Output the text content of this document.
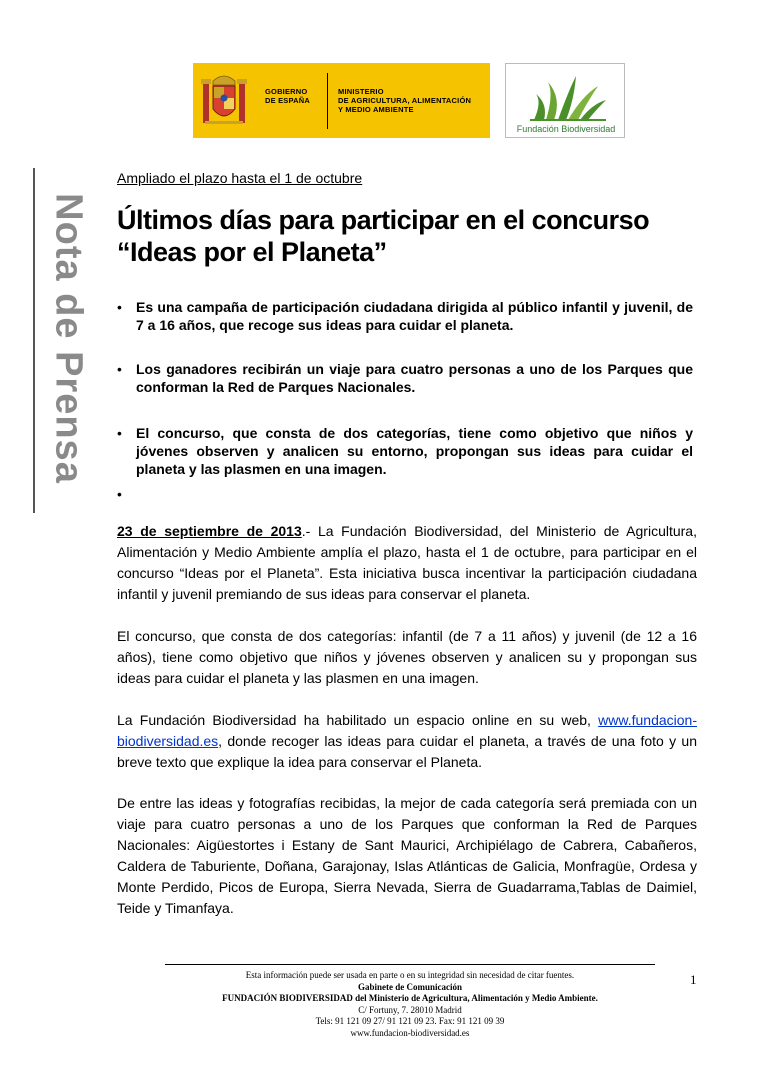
GOBIERNO
DE ESPAÑA
MINISTERIO
DE AGRICULTURA, ALIMENTACIÓN
Y MEDIO AMBIENTE
Fundación Biodiversidad
Nota de Prensa
Ampliado el plazo hasta el 1 de octubre
Últimos días para participar en el concurso
“Ideas por el Planeta”
• Es una campaña de participación ciudadana dirigida al público infantil y juvenil, de 7 a 16 años, que recoge sus ideas para cuidar el planeta.
• Los ganadores recibirán un viaje para cuatro personas a uno de los Parques que conforman la Red de Parques Nacionales.
• El concurso, que consta de dos categorías, tiene como objetivo que niños y jóvenes observen y analicen su entorno, propongan sus ideas para cuidar el planeta y las plasmen en una imagen.
•
23 de septiembre de 2013.- La Fundación Biodiversidad, del Ministerio de Agricultura, Alimentación y Medio Ambiente amplía el plazo, hasta el 1 de octubre, para participar en el concurso “Ideas por el Planeta”. Esta iniciativa busca incentivar la participación ciudadana infantil y juvenil premiando de sus ideas para conservar el planeta.
El concurso, que consta de dos categorías: infantil (de 7 a 11 años) y juvenil (de 12 a 16 años), tiene como objetivo que niños y jóvenes observen y analicen su y propongan sus ideas para cuidar el planeta y las plasmen en una imagen.
La Fundación Biodiversidad ha habilitado un espacio online en su web, www.fundacion-biodiversidad.es, donde recoger las ideas para cuidar el planeta, a través de una foto y un breve texto que explique la idea para conservar el Planeta.
De entre las ideas y fotografías recibidas, la mejor de cada categoría será premiada con un viaje para cuatro personas a uno de los Parques que conforman la Red de Parques Nacionales: Aigüestortes i Estany de Sant Maurici, Archipiélago de Cabrera, Cabañeros, Caldera de Taburiente, Doñana, Garajonay, Islas Atlánticas de Galicia, Monfragüe, Ordesa y Monte Perdido, Picos de Europa, Sierra Nevada, Sierra de Guadarrama,Tablas de Daimiel, Teide y Timanfaya.
Esta información puede ser usada en parte o en su integridad sin necesidad de citar fuentes.
Gabinete de Comunicación
FUNDACIÓN BIODIVERSIDAD del Ministerio de Agricultura, Alimentación y Medio Ambiente.
C/ Fortuny, 7. 28010 Madrid
Tels: 91 121 09 27/ 91 121 09 23. Fax: 91 121 09 39
www.fundacion-biodiversidad.es
1
